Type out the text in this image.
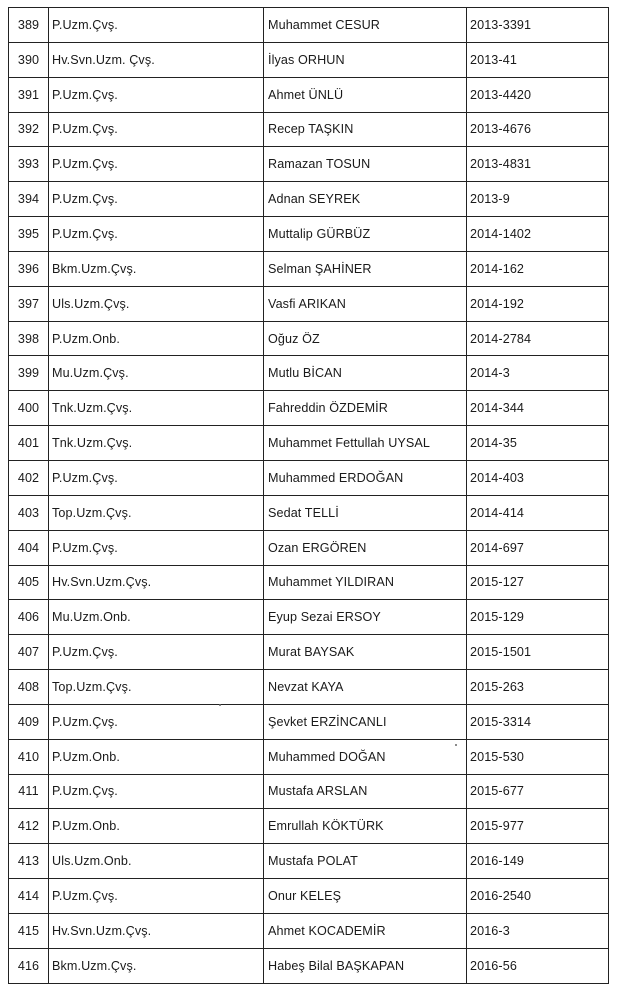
389	P.Uzm.Çvş.	Muhammet CESUR	2013-3391
390	Hv.Svn.Uzm. Çvş.	İlyas ORHUN	2013-41
391	P.Uzm.Çvş.	Ahmet ÜNLÜ	2013-4420
392	P.Uzm.Çvş.	Recep TAŞKIN	2013-4676
393	P.Uzm.Çvş.	Ramazan TOSUN	2013-4831
394	P.Uzm.Çvş.	Adnan SEYREK	2013-9
395	P.Uzm.Çvş.	Muttalip GÜRBÜZ	2014-1402
396	Bkm.Uzm.Çvş.	Selman ŞAHİNER	2014-162
397	Uls.Uzm.Çvş.	Vasfi ARIKAN	2014-192
398	P.Uzm.Onb.	Oğuz ÖZ	2014-2784
399	Mu.Uzm.Çvş.	Mutlu BİCAN	2014-3
400	Tnk.Uzm.Çvş.	Fahreddin ÖZDEMİR	2014-344
401	Tnk.Uzm.Çvş.	Muhammet Fettullah UYSAL	2014-35
402	P.Uzm.Çvş.	Muhammed ERDOĞAN	2014-403
403	Top.Uzm.Çvş.	Sedat TELLİ	2014-414
404	P.Uzm.Çvş.	Ozan ERGÖREN	2014-697
405	Hv.Svn.Uzm.Çvş.	Muhammet YILDIRAN	2015-127
406	Mu.Uzm.Onb.	Eyup Sezai ERSOY	2015-129
407	P.Uzm.Çvş.	Murat BAYSAK	2015-1501
408	Top.Uzm.Çvş.	Nevzat KAYA	2015-263
409	P.Uzm.Çvş.	Şevket ERZİNCANLI	2015-3314
410	P.Uzm.Onb.	Muhammed DOĞAN	2015-530
411	P.Uzm.Çvş.	Mustafa ARSLAN	2015-677
412	P.Uzm.Onb.	Emrullah KÖKTÜRK	2015-977
413	Uls.Uzm.Onb.	Mustafa POLAT	2016-149
414	P.Uzm.Çvş.	Onur KELEŞ	2016-2540
415	Hv.Svn.Uzm.Çvş.	Ahmet KOCADEMİR	2016-3
416	Bkm.Uzm.Çvş.	Habeş Bilal BAŞKAPAN	2016-56
